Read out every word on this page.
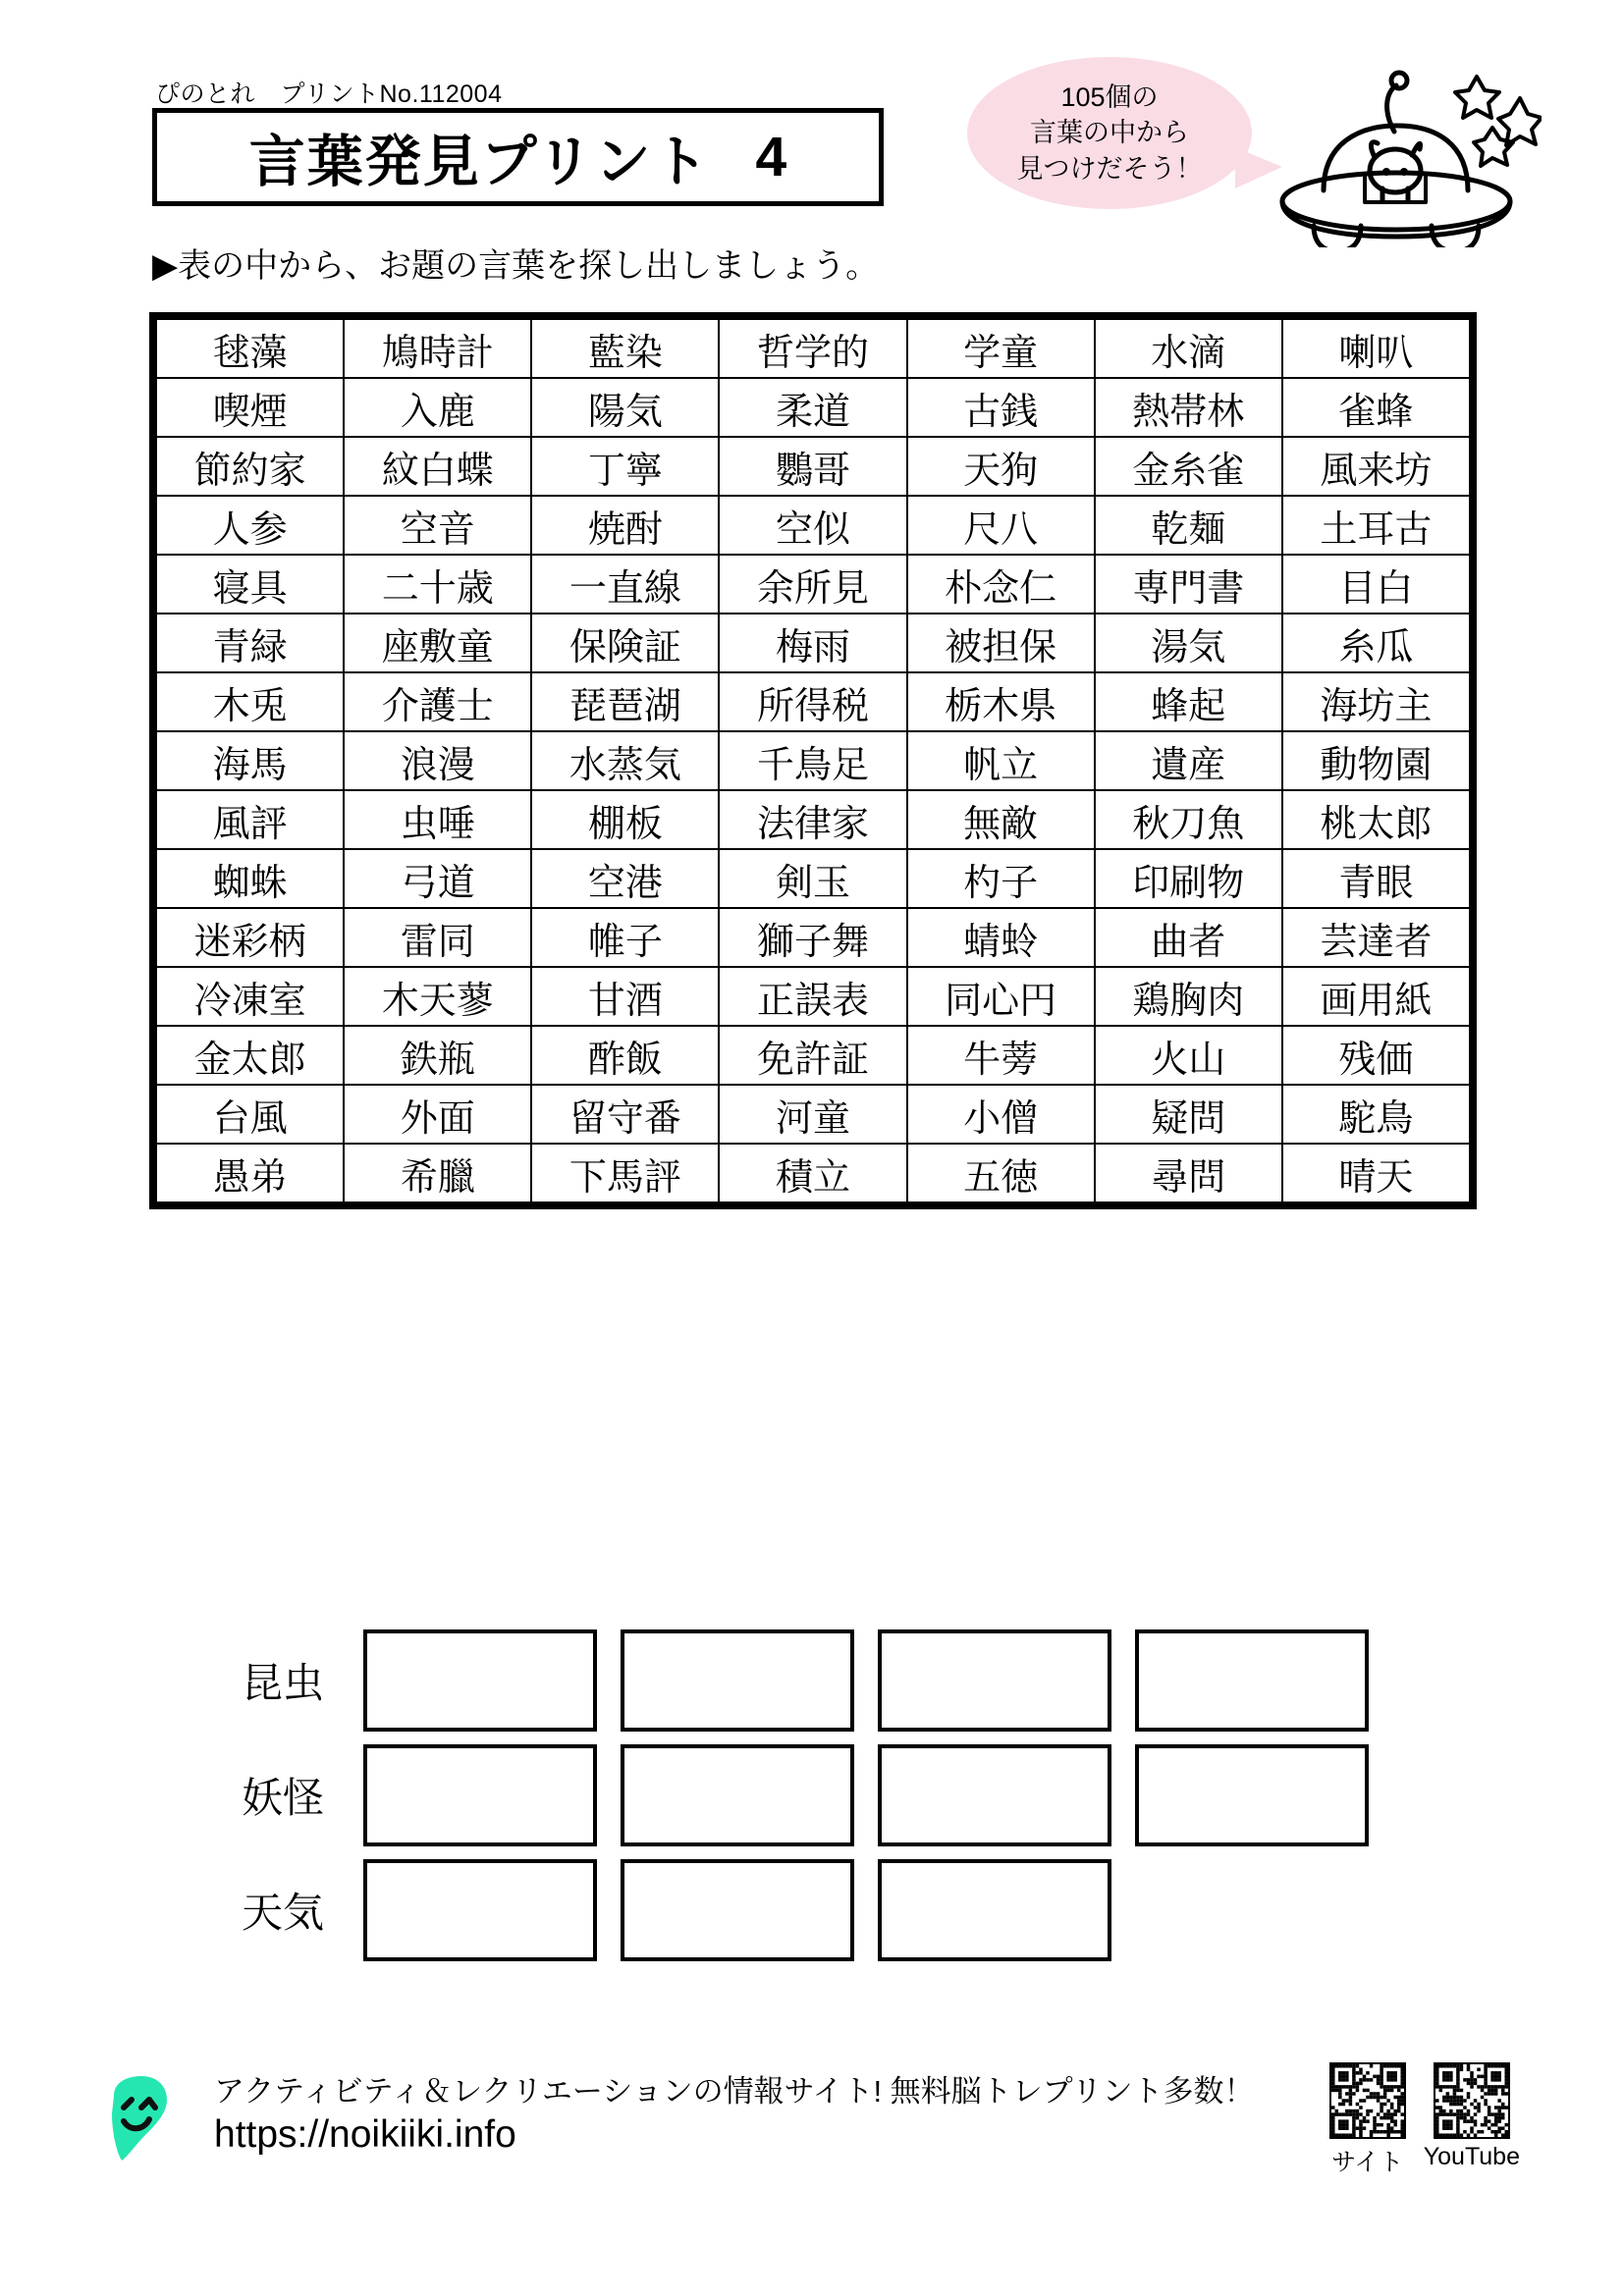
ぴのとれ　プリントNo.112004
言葉発見プリント 4
105個の
言葉の中から
見つけだそう！
▶表の中から、お題の言葉を探し出しましょう。
毬藻	鳩時計	藍染	哲学的	学童	水滴	喇叭
喫煙	入鹿	陽気	柔道	古銭	熱帯林	雀蜂
節約家	紋白蝶	丁寧	鸚哥	天狗	金糸雀	風来坊
人参	空音	焼酎	空似	尺八	乾麺	土耳古
寝具	二十歳	一直線	余所見	朴念仁	専門書	目白
青緑	座敷童	保険証	梅雨	被担保	湯気	糸瓜
木兎	介護士	琵琶湖	所得税	栃木県	蜂起	海坊主
海馬	浪漫	水蒸気	千鳥足	帆立	遺産	動物園
風評	虫唾	棚板	法律家	無敵	秋刀魚	桃太郎
蜘蛛	弓道	空港	剣玉	杓子	印刷物	青眼
迷彩柄	雷同	帷子	獅子舞	蜻蛉	曲者	芸達者
冷凍室	木天蓼	甘酒	正誤表	同心円	鶏胸肉	画用紙
金太郎	鉄瓶	酢飯	免許証	牛蒡	火山	残価
台風	外面	留守番	河童	小僧	疑問	駝鳥
愚弟	希臘	下馬評	積立	五徳	尋問	晴天
昆虫
妖怪
天気
アクティビティ＆レクリエーションの情報サイト! 無料脳トレプリント多数！
https://noikiiki.info
サイト YouTube
